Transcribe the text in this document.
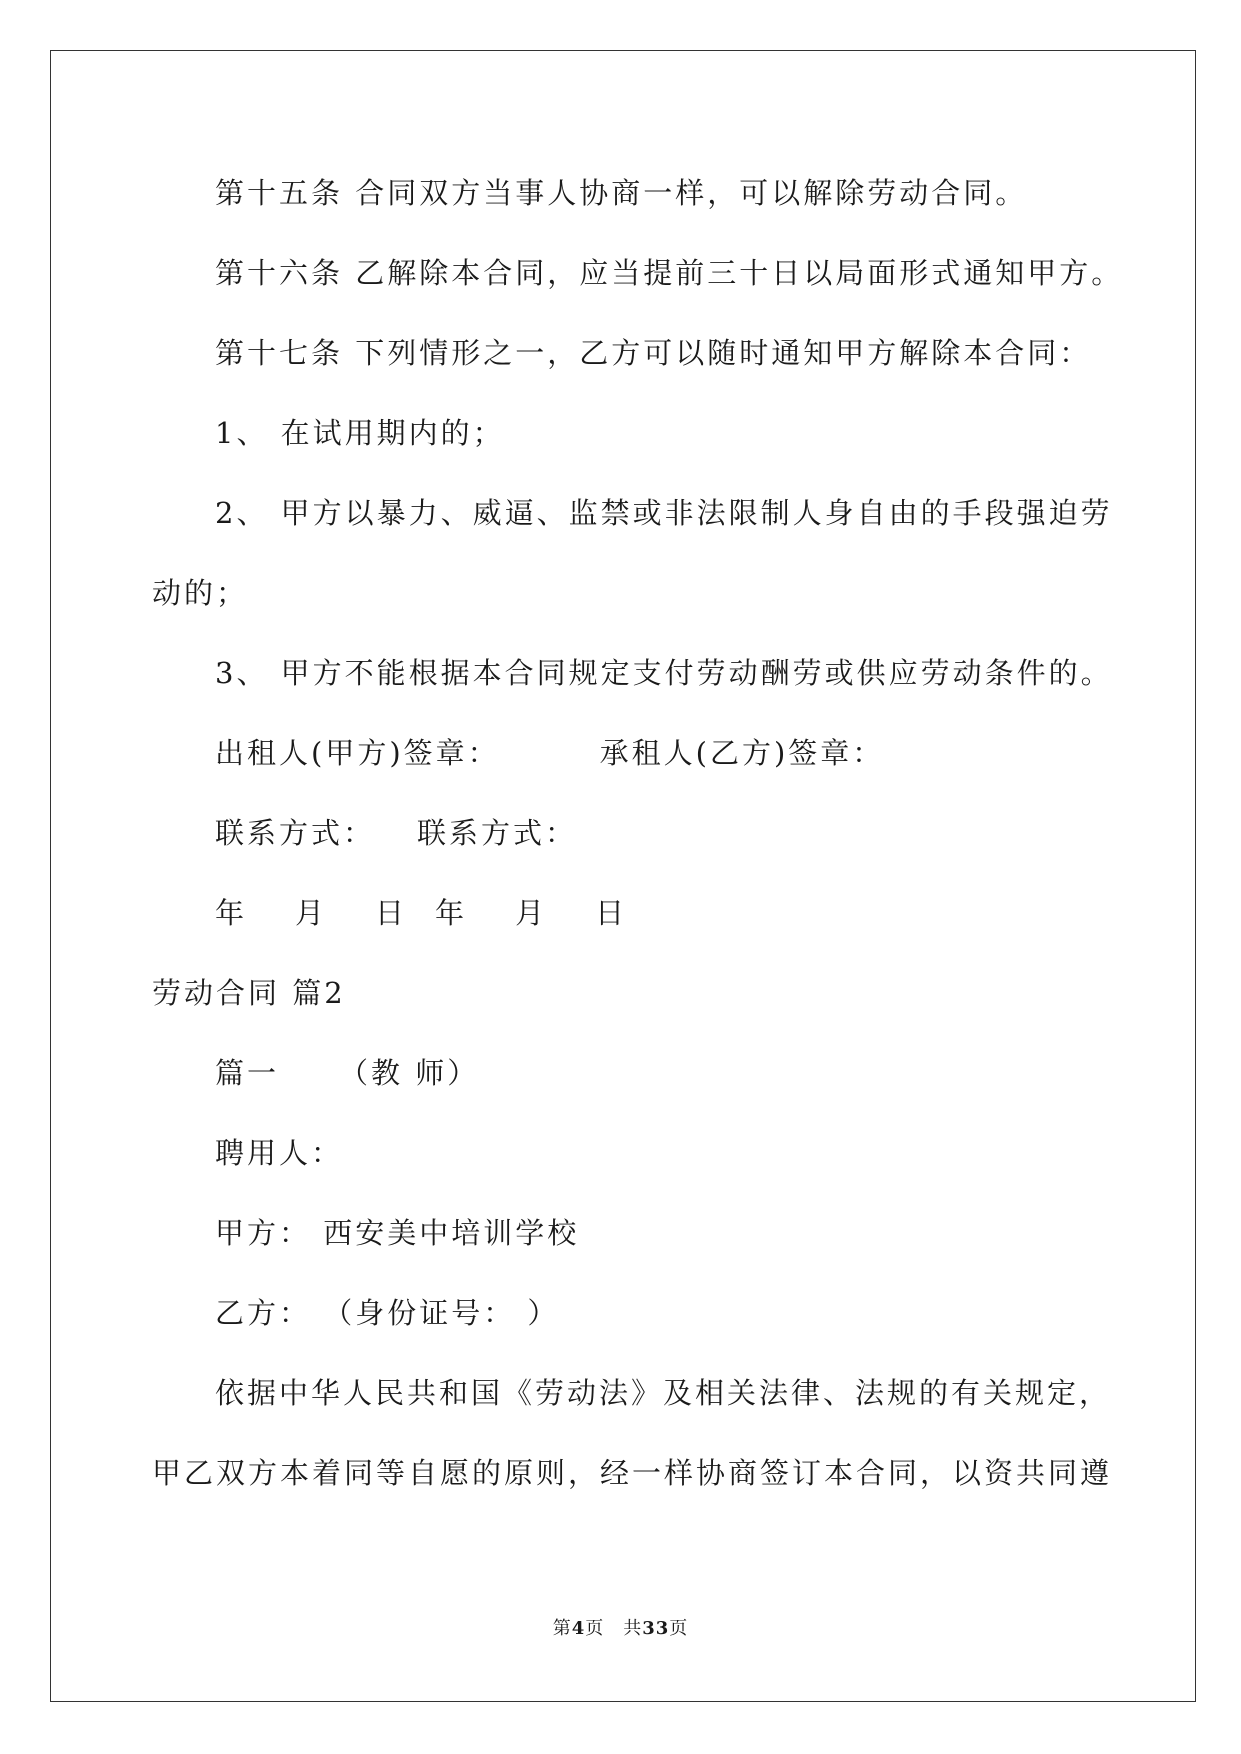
第十五条 合同双方当事人协商一样，可以解除劳动合同。
第十六条 乙解除本合同，应当提前三十日以局面形式通知甲方。
第十七条 下列情形之一，乙方可以随时通知甲方解除本合同：
1、 在试用期内的；
2、 甲方以暴力、威逼、监禁或非法限制人身自由的手段强迫劳
动的；
3、 甲方不能根据本合同规定支付劳动酬劳或供应劳动条件的。
出租人(甲方)签章：	承租人(乙方)签章：
联系方式： 联系方式：
年 月 日 年 月 日
劳动合同 篇2
篇一 （教 师）
聘用人：
甲方： 西安美中培训学校
乙方： （身份证号： ）
依据中华人民共和国《劳动法》及相关法律、法规的有关规定，
甲乙双方本着同等自愿的原则，经一样协商签订本合同，以资共同遵
第4页　共33页
